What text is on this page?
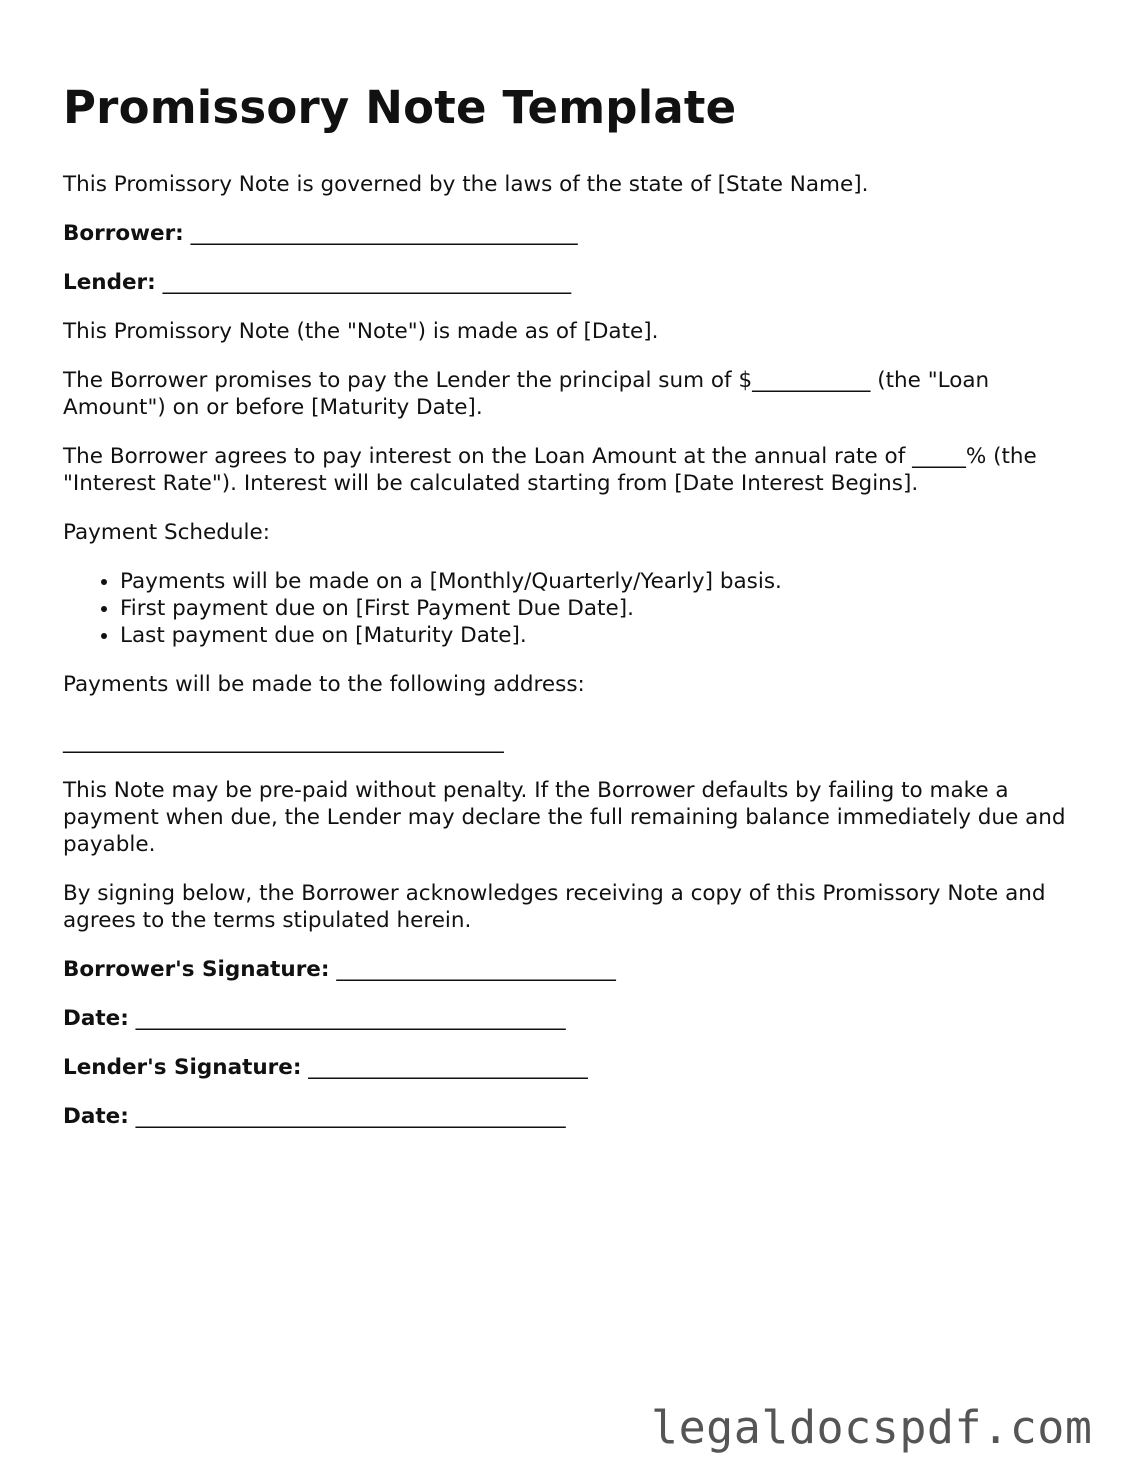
Promissory Note Template

This Promissory Note is governed by the laws of the state of [State Name].

Borrower: ____________________________________

Lender: ______________________________________

This Promissory Note (the "Note") is made as of [Date].

The Borrower promises to pay the Lender the principal sum of $___________ (the "Loan Amount") on or before [Maturity Date].

The Borrower agrees to pay interest on the Loan Amount at the annual rate of _____% (the "Interest Rate"). Interest will be calculated starting from [Date Interest Begins].

Payment Schedule:

• Payments will be made on a [Monthly/Quarterly/Yearly] basis.
• First payment due on [First Payment Due Date].
• Last payment due on [Maturity Date].

Payments will be made to the following address:

_________________________________________

This Note may be pre-paid without penalty. If the Borrower defaults by failing to make a payment when due, the Lender may declare the full remaining balance immediately due and payable.

By signing below, the Borrower acknowledges receiving a copy of this Promissory Note and agrees to the terms stipulated herein.

Borrower's Signature: __________________________

Date: ________________________________________

Lender's Signature: __________________________

Date: ________________________________________

legaldocspdf.com
